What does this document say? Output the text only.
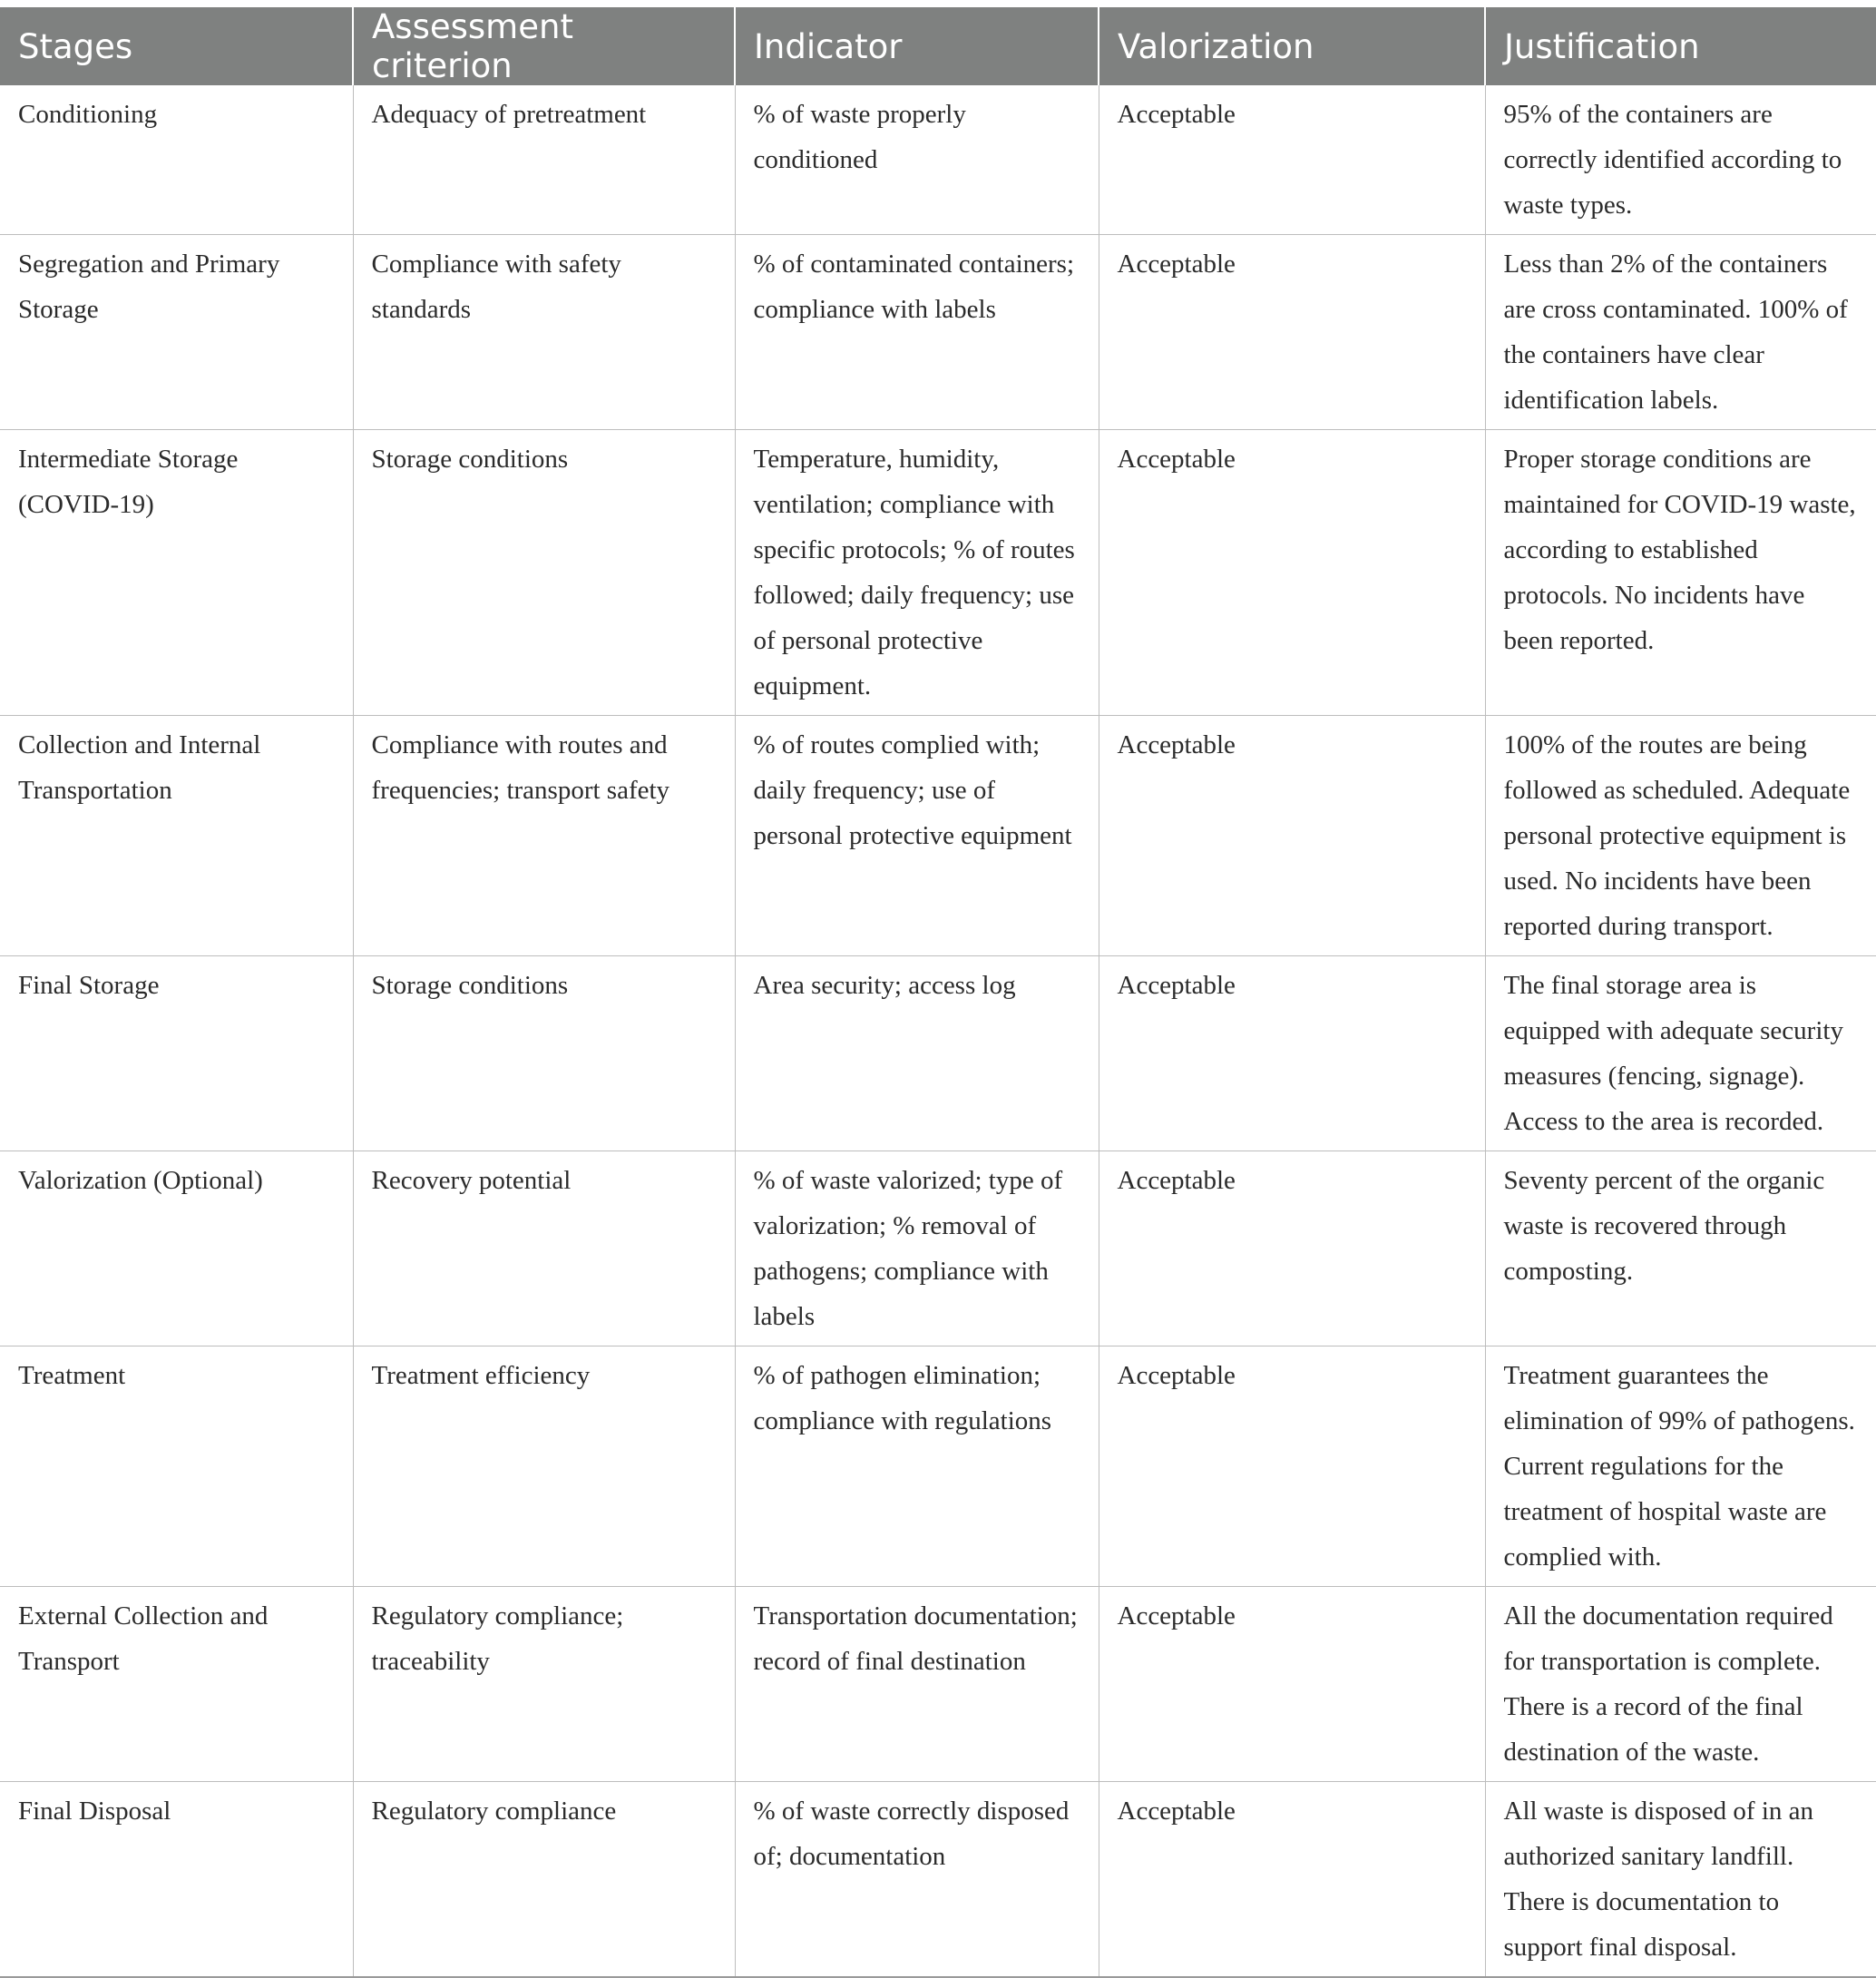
Stages	Assessment criterion	Indicator	Valorization	Justification
Conditioning	Adequacy of pretreatment	% of waste properly conditioned	Acceptable	95% of the containers are correctly identified according to waste types.
Segregation and Primary Storage	Compliance with safety standards	% of contaminated containers; compliance with labels	Acceptable	Less than 2% of the containers are cross contaminated. 100% of the containers have clear identification labels.
Intermediate Storage (COVID-19)	Storage conditions	Temperature, humidity, ventilation; compliance with specific protocols; % of routes followed; daily frequency; use of personal protective equipment.	Acceptable	Proper storage conditions are maintained for COVID-19 waste, according to established protocols. No incidents have been reported.
Collection and Internal Transportation	Compliance with routes and frequencies; transport safety	% of routes complied with; daily frequency; use of personal protective equipment	Acceptable	100% of the routes are being followed as scheduled. Adequate personal protective equipment is used. No incidents have been reported during transport.
Final Storage	Storage conditions	Area security; access log	Acceptable	The final storage area is equipped with adequate security measures (fencing, signage). Access to the area is recorded.
Valorization (Optional)	Recovery potential	% of waste valorized; type of valorization; % removal of pathogens; compliance with labels	Acceptable	Seventy percent of the organic waste is recovered through composting.
Treatment	Treatment efficiency	% of pathogen elimination; compliance with regulations	Acceptable	Treatment guarantees the elimination of 99% of pathogens. Current regulations for the treatment of hospital waste are complied with.
External Collection and Transport	Regulatory compliance; traceability	Transportation documentation; record of final destination	Acceptable	All the documentation required for transportation is complete. There is a record of the final destination of the waste.
Final Disposal	Regulatory compliance	% of waste correctly disposed of; documentation	Acceptable	All waste is disposed of in an authorized sanitary landfill. There is documentation to support final disposal.
